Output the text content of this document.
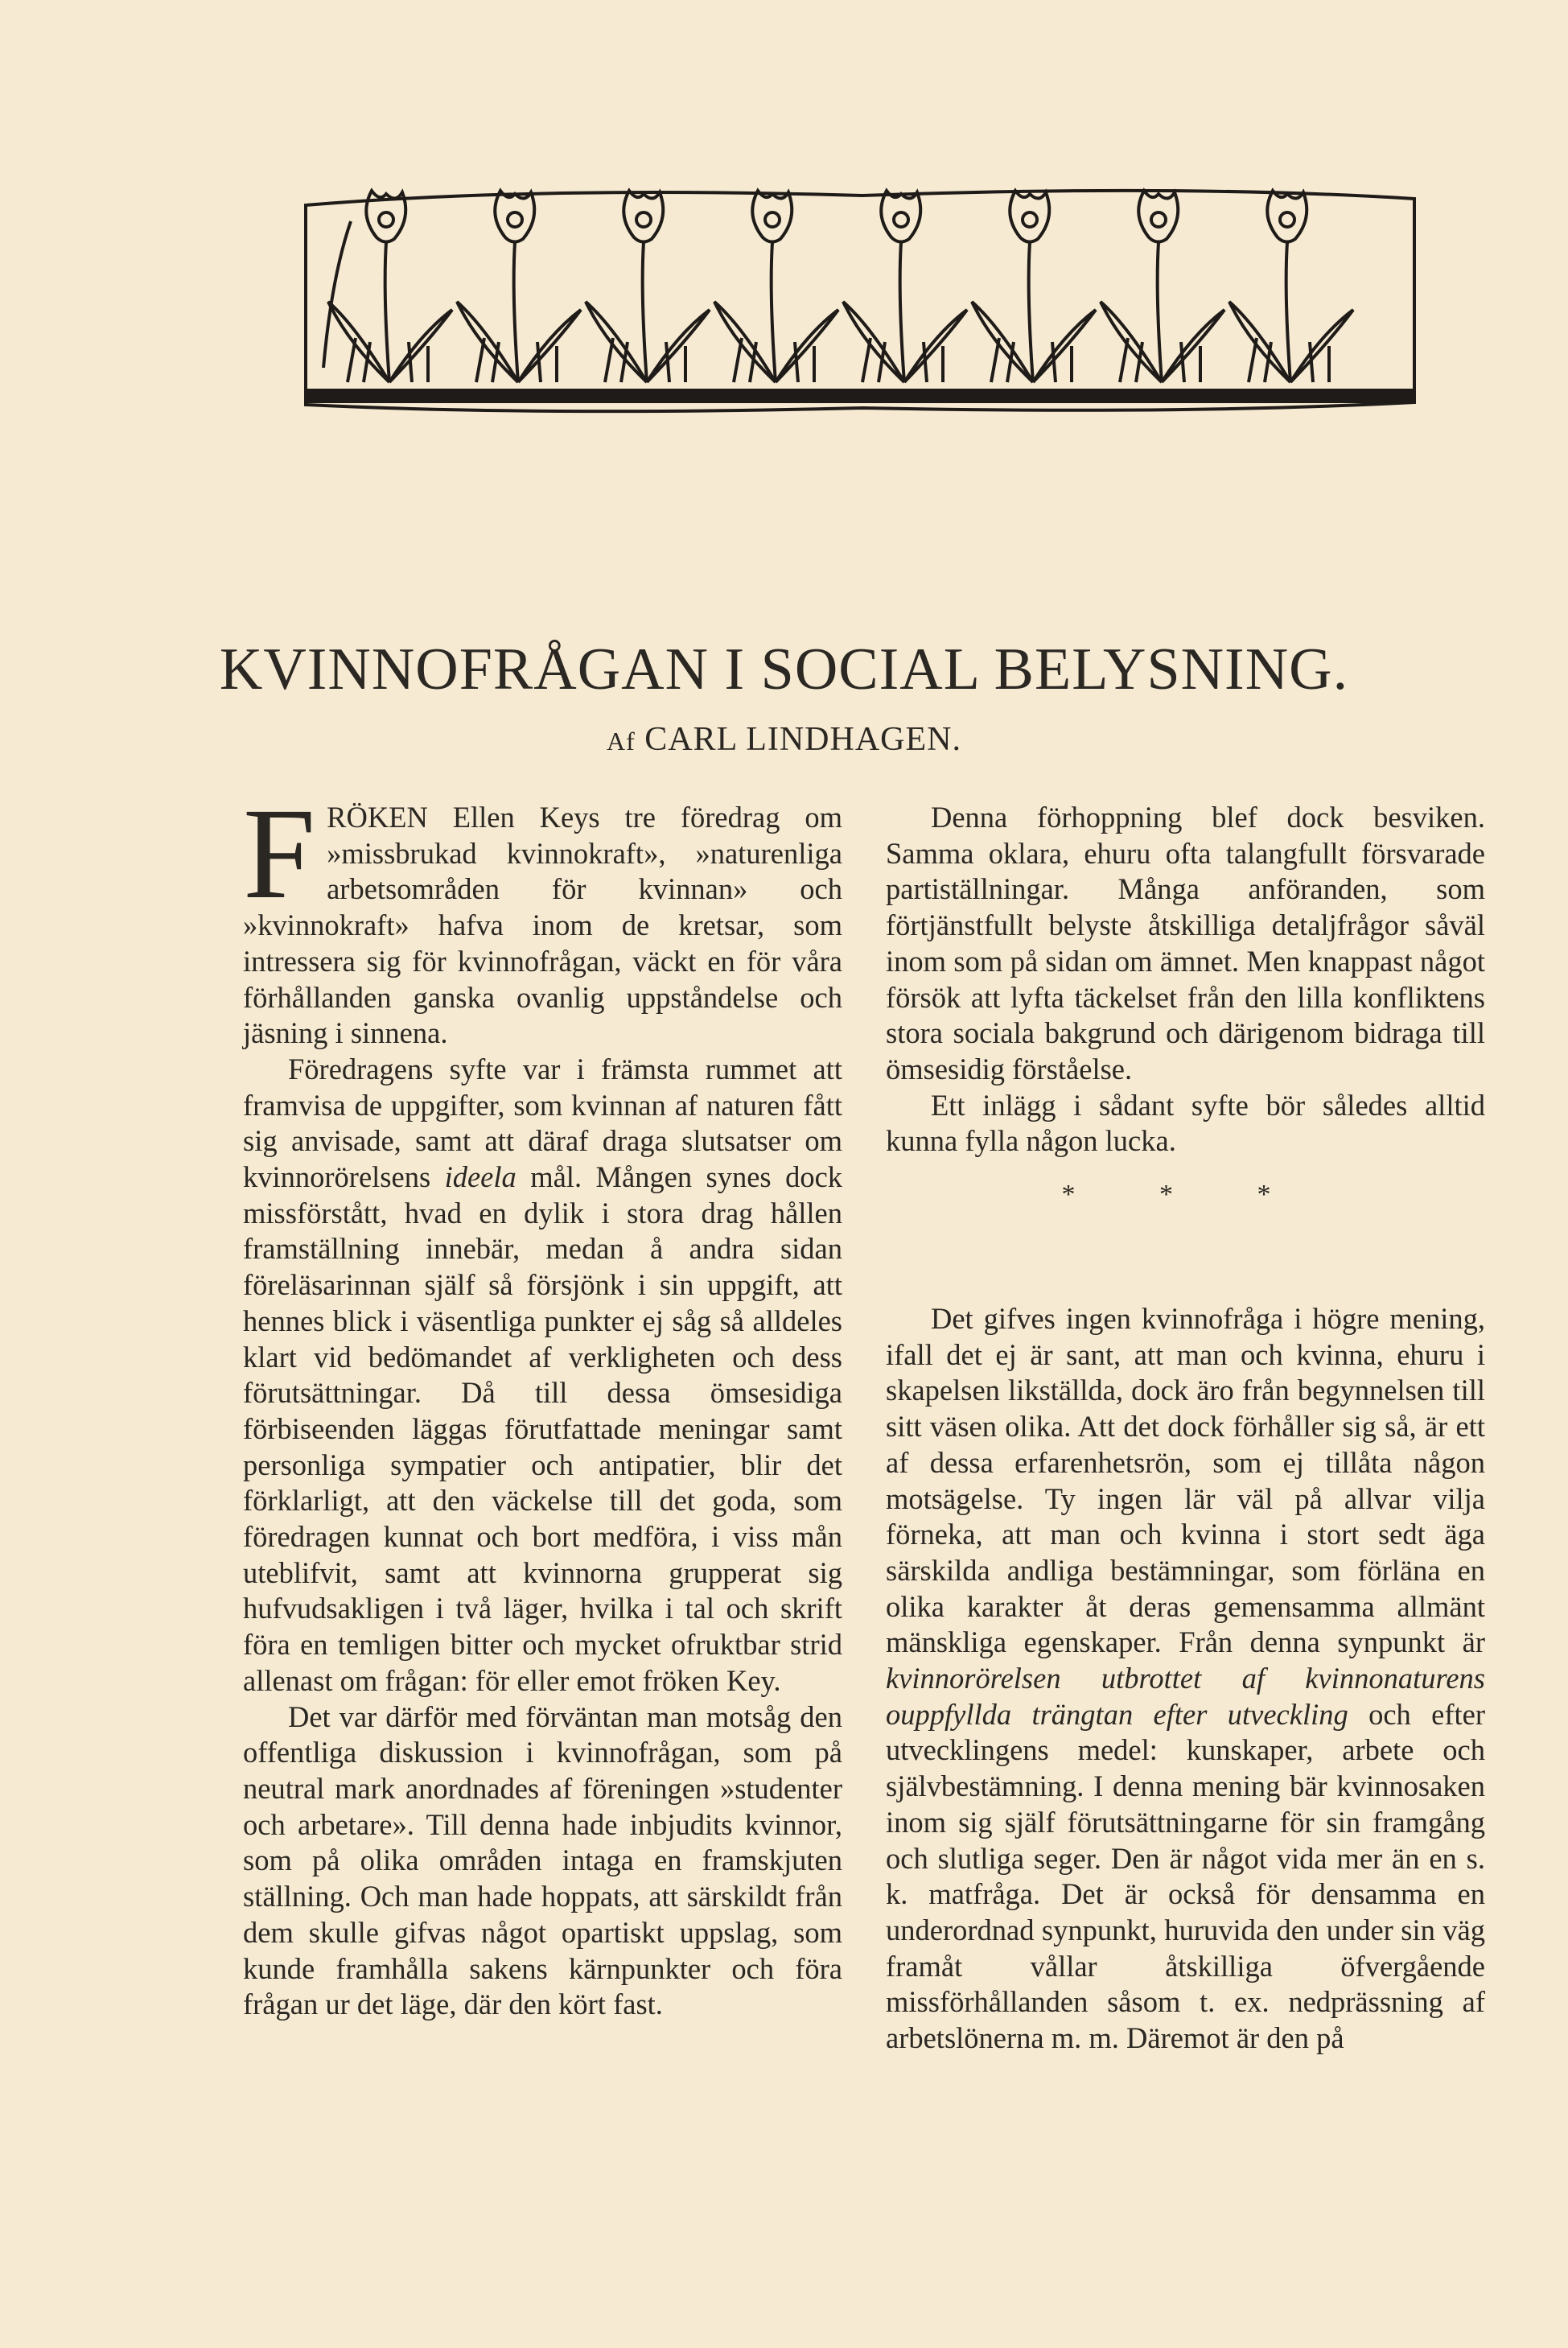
KVINNOFRÅGAN I SOCIAL BELYSNING.
Af CARL LINDHAGEN.

FRÖKEN Ellen Keys tre föredrag om »missbrukad kvinnokraft», »naturenliga arbetsområden för kvinnan» och »kvinnokraft» hafva inom de kretsar, som intressera sig för kvinnofrågan, väckt en för våra förhållanden ganska ovanlig uppståndelse och jäsning i sinnena.

Föredragens syfte var i främsta rummet att framvisa de uppgifter, som kvinnan af naturen fått sig anvisade, samt att däraf draga slutsatser om kvinnorörelsens ideela mål. Mången synes dock missförstått, hvad en dylik i stora drag hållen framställning innebär, medan å andra sidan föreläsarinnan själf så försjönk i sin uppgift, att hennes blick i väsentliga punkter ej såg så alldeles klart vid bedömandet af verkligheten och dess förutsättningar. Då till dessa ömsesidiga förbiseenden läggas förutfattade meningar samt personliga sympatier och antipatier, blir det förklarligt, att den väckelse till det goda, som föredragen kunnat och bort medföra, i viss mån uteblifvit, samt att kvinnorna grupperat sig hufvudsakligen i två läger, hvilka i tal och skrift föra en temligen bitter och mycket ofruktbar strid allenast om frågan: för eller emot fröken Key.

Det var därför med förväntan man motsåg den offentliga diskussion i kvinnofrågan, som på neutral mark anordnades af föreningen »studenter och arbetare». Till denna hade inbjudits kvinnor, som på olika områden intaga en framskjuten ställning. Och man hade hoppats, att särskildt från dem skulle gifvas något opartiskt uppslag, som kunde framhålla sakens kärnpunkter och föra frågan ur det läge, där den kört fast.

Denna förhoppning blef dock besviken. Samma oklara, ehuru ofta talangfullt försvarade partiställningar. Många anföranden, som förtjänstfullt belyste åtskilliga detaljfrågor såväl inom som på sidan om ämnet. Men knappast något försök att lyfta täckelset från den lilla konfliktens stora sociala bakgrund och därigenom bidraga till ömsesidig förståelse.

Ett inlägg i sådant syfte bör således alltid kunna fylla någon lucka.

* * *

Det gifves ingen kvinnofråga i högre mening, ifall det ej är sant, att man och kvinna, ehuru i skapelsen likställda, dock äro från begynnelsen till sitt väsen olika. Att det dock förhåller sig så, är ett af dessa erfarenhetsrön, som ej tillåta någon motsägelse. Ty ingen lär väl på allvar vilja förneka, att man och kvinna i stort sedt äga särskilda andliga bestämningar, som förläna en olika karakter åt deras gemensamma allmänt mänskliga egenskaper. Från denna synpunkt är kvinnorörelsen utbrottet af kvinnonaturens ouppfyllda trängtan efter utveckling och efter utvecklingens medel: kunskaper, arbete och självbestämning. I denna mening bär kvinnosaken inom sig själf förutsättningarne för sin framgång och slutliga seger. Den är något vida mer än en s. k. matfråga. Det är också för densamma en underordnad synpunkt, huruvida den under sin väg framåt vållar åtskilliga öfvergående missförhållanden såsom t. ex. nedprässning af arbetslönerna m. m. Däremot är den på
